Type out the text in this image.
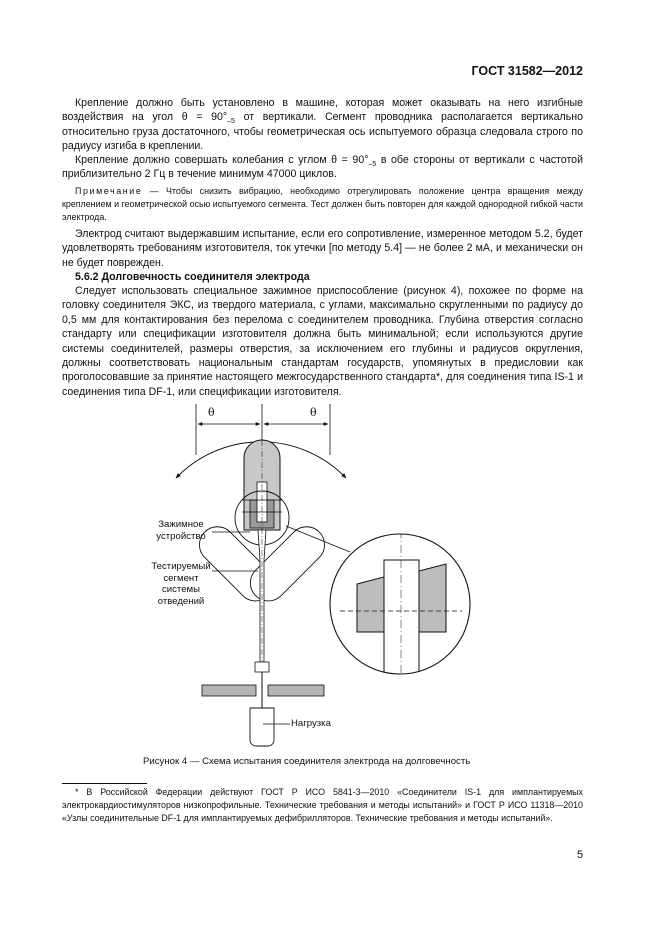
ГОСТ 31582—2012
Крепление должно быть установлено в машине, которая может оказывать на него изгибные воздействия на угол $\theta = 90^\circ_{-5}$ от вертикали. Сегмент проводника располагается вертикально относительно груза достаточного, чтобы геометрическая ось испытуемого образца следовала строго по радиусу изгиба в креплении.
Крепление должно совершать колебания с углом $\theta = 90^\circ_{-5}$ в обе стороны от вертикали с частотой приблизительно 2 Гц в течение минимум 47000 циклов.
Примечание — Чтобы снизить вибрацию, необходимо отрегулировать положение центра вращения между креплением и геометрической осью испытуемого сегмента. Тест должен быть повторен для каждой однородной гибкой части электрода.
Электрод считают выдержавшим испытание, если его сопротивление, измеренное методом 5.2, будет удовлетворять требованиям изготовителя, ток утечки [по методу 5.4] — не более 2 мА, и механически он не будет поврежден.
5.6.2 Долговечность соединителя электрода
Следует использовать специальное зажимное приспособление (рисунок 4), похожее по форме на головку соединителя ЭКС, из твердого материала, с углами, максимально скругленными по радиусу до 0,5 мм для контактирования без перелома с соединителем проводника. Глубина отверстия согласно стандарту или спецификации изготовителя должна быть минимальной; если используются другие системы соединителей, размеры отверстия, за исключением его глубины и радиусов округления, должны соответствовать национальным стандартам государств, упомянутых в предисловии как проголосовавшие за принятие настоящего межгосударственного стандарта*, для соединения типа IS-1 и соединения типа DF-1, или спецификации изготовителя.
θ	θ
Зажимное
устройство
Тестируемый
сегмент
системы
отведений
Нагрузка
Рисунок 4 — Схема испытания соединителя электрода на долговечность
* В Российской Федерации действуют ГОСТ Р ИСО 5841-3—2010 «Соединители IS-1 для имплантируемых электрокардиостимуляторов низкопрофильные. Технические требования и методы испытаний» и ГОСТ Р ИСО 11318—2010 «Узлы соединительные DF-1 для имплантируемых дефибрилляторов. Технические требования и методы испытаний».
5
